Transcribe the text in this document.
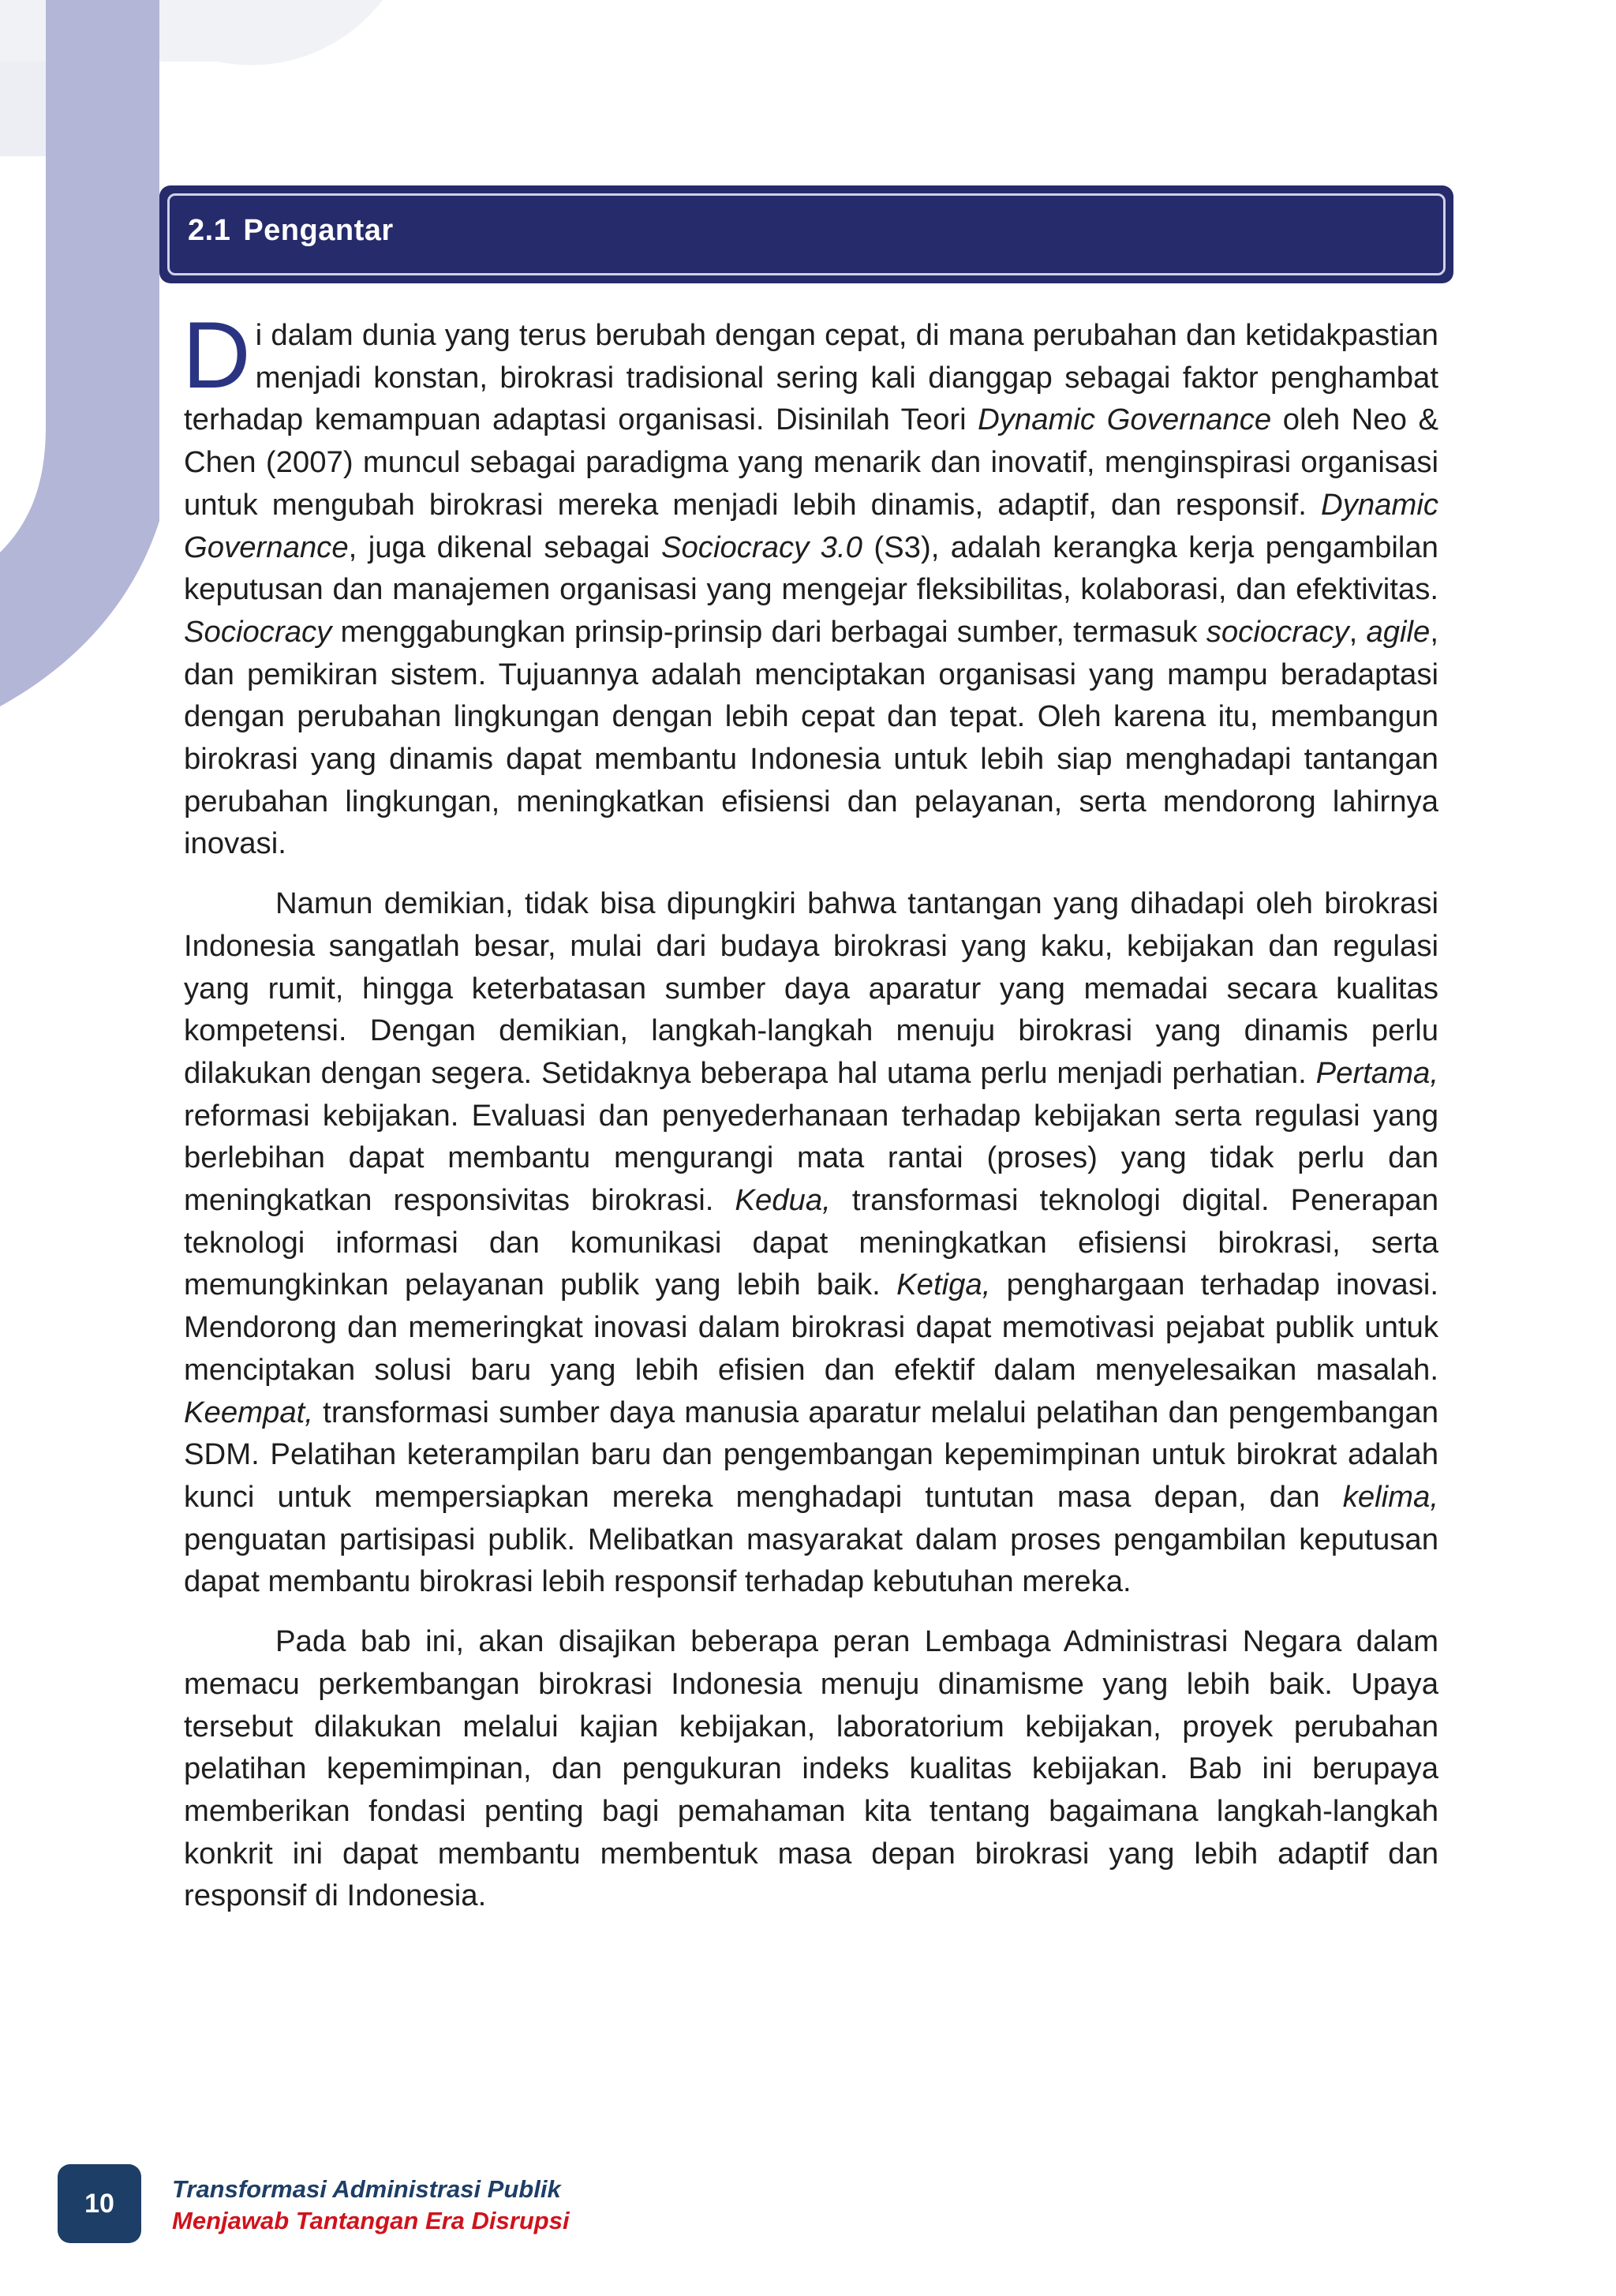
2.1 Pengantar

Di dalam dunia yang terus berubah dengan cepat, di mana perubahan dan ketidakpastian menjadi konstan, birokrasi tradisional sering kali dianggap sebagai faktor penghambat terhadap kemampuan adaptasi organisasi. Disinilah Teori Dynamic Governance oleh Neo & Chen (2007) muncul sebagai paradigma yang menarik dan inovatif, menginspirasi organisasi untuk mengubah birokrasi mereka menjadi lebih dinamis, adaptif, dan responsif. Dynamic Governance, juga dikenal sebagai Sociocracy 3.0 (S3), adalah kerangka kerja pengambilan keputusan dan manajemen organisasi yang mengejar fleksibilitas, kolaborasi, dan efektivitas. Sociocracy menggabungkan prinsip-prinsip dari berbagai sumber, termasuk sociocracy, agile, dan pemikiran sistem. Tujuannya adalah menciptakan organisasi yang mampu beradaptasi dengan perubahan lingkungan dengan lebih cepat dan tepat. Oleh karena itu, membangun birokrasi yang dinamis dapat membantu Indonesia untuk lebih siap menghadapi tantangan perubahan lingkungan, meningkatkan efisiensi dan pelayanan, serta mendorong lahirnya inovasi.

Namun demikian, tidak bisa dipungkiri bahwa tantangan yang dihadapi oleh birokrasi Indonesia sangatlah besar, mulai dari budaya birokrasi yang kaku, kebijakan dan regulasi yang rumit, hingga keterbatasan sumber daya aparatur yang memadai secara kualitas kompetensi. Dengan demikian, langkah-langkah menuju birokrasi yang dinamis perlu dilakukan dengan segera. Setidaknya beberapa hal utama perlu menjadi perhatian. Pertama, reformasi kebijakan. Evaluasi dan penyederhanaan terhadap kebijakan serta regulasi yang berlebihan dapat membantu mengurangi mata rantai (proses) yang tidak perlu dan meningkatkan responsivitas birokrasi. Kedua, transformasi teknologi digital. Penerapan teknologi informasi dan komunikasi dapat meningkatkan efisiensi birokrasi, serta memungkinkan pelayanan publik yang lebih baik. Ketiga, penghargaan terhadap inovasi. Mendorong dan memeringkat inovasi dalam birokrasi dapat memotivasi pejabat publik untuk menciptakan solusi baru yang lebih efisien dan efektif dalam menyelesaikan masalah. Keempat, transformasi sumber daya manusia aparatur melalui pelatihan dan pengembangan SDM. Pelatihan keterampilan baru dan pengembangan kepemimpinan untuk birokrat adalah kunci untuk mempersiapkan mereka menghadapi tuntutan masa depan, dan kelima, penguatan partisipasi publik. Melibatkan masyarakat dalam proses pengambilan keputusan dapat membantu birokrasi lebih responsif terhadap kebutuhan mereka.

Pada bab ini, akan disajikan beberapa peran Lembaga Administrasi Negara dalam memacu perkembangan birokrasi Indonesia menuju dinamisme yang lebih baik. Upaya tersebut dilakukan melalui kajian kebijakan, laboratorium kebijakan, proyek perubahan pelatihan kepemimpinan, dan pengukuran indeks kualitas kebijakan. Bab ini berupaya memberikan fondasi penting bagi pemahaman kita tentang bagaimana langkah-langkah konkrit ini dapat membantu membentuk masa depan birokrasi yang lebih adaptif dan responsif di Indonesia.

10 Transformasi Administrasi Publik
Menjawab Tantangan Era Disrupsi
